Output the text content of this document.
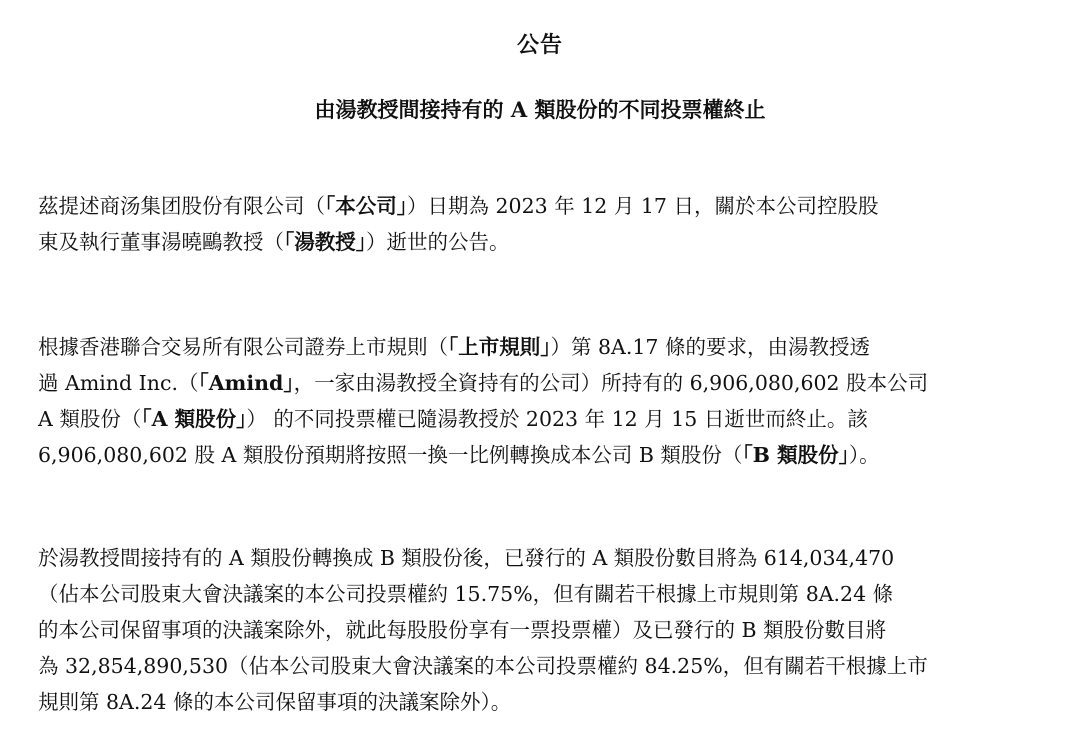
公告
由湯教授間接持有的 A 類股份的不同投票權終止

茲提述商汤集团股份有限公司（「本公司」）日期為 2023 年 12 月 17 日，關於本公司控股股
東及執行董事湯曉鷗教授（「湯教授」）逝世的公告。

根據香港聯合交易所有限公司證券上市規則（「上市規則」）第 8A.17 條的要求，由湯教授透
過 Amind Inc.（「Amind」，一家由湯教授全資持有的公司）所持有的 6,906,080,602 股本公司
A 類股份（「A 類股份」） 的不同投票權已隨湯教授於 2023 年 12 月 15 日逝世而終止。該
6,906,080,602 股 A 類股份預期將按照一換一比例轉換成本公司 B 類股份（「B 類股份」）。

於湯教授間接持有的 A 類股份轉換成 B 類股份後，已發行的 A 類股份數目將為 614,034,470
（佔本公司股東大會決議案的本公司投票權約 15.75%，但有關若干根據上市規則第 8A.24 條
的本公司保留事項的決議案除外，就此每股股份享有一票投票權）及已發行的 B 類股份數目將
為 32,854,890,530（佔本公司股東大會決議案的本公司投票權約 84.25%，但有關若干根據上市
規則第 8A.24 條的本公司保留事項的決議案除外）。
